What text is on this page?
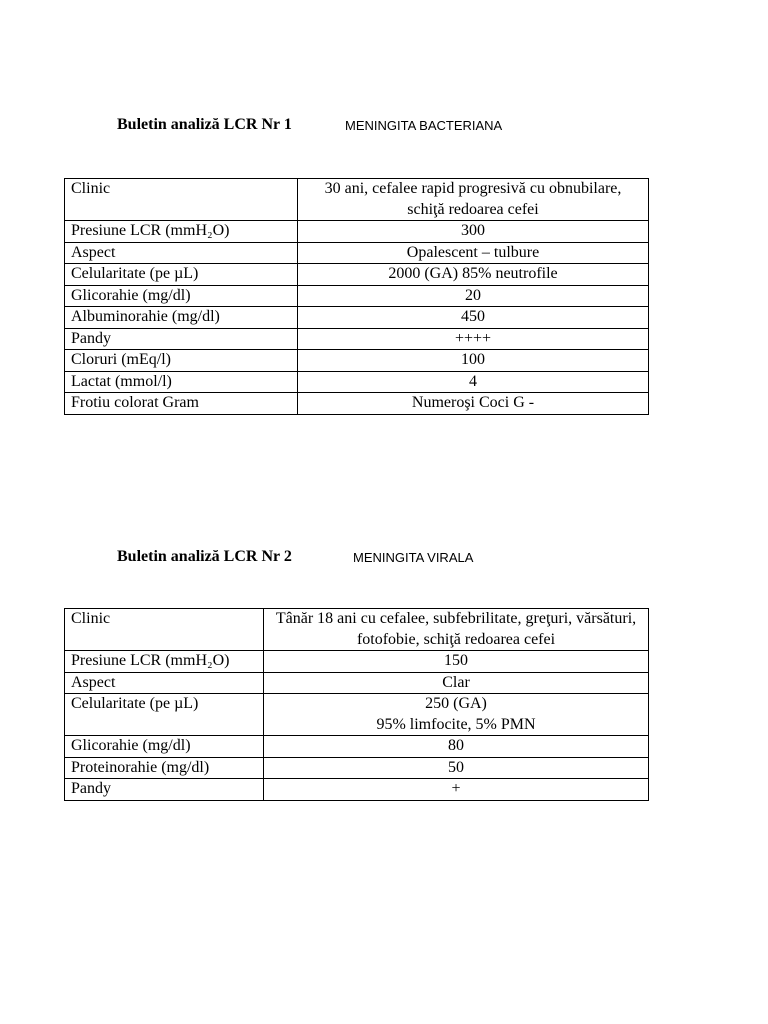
Buletin analiză LCR Nr 1	MENINGITA BACTERIANA
Clinic	30 ani, cefalee rapid progresivă cu obnubilare, schiţă redoarea cefei
Presiune LCR (mmH₂O)	300
Aspect	Opalescent – tulbure
Celularitate (pe µL)	2000 (GA) 85% neutrofile
Glicorahie (mg/dl)	20
Albuminorahie (mg/dl)	450
Pandy	++++
Cloruri (mEq/l)	100
Lactat (mmol/l)	4
Frotiu colorat Gram	Numeroşi Coci G -
Buletin analiză LCR Nr 2	MENINGITA VIRALA
Clinic	Tânăr 18 ani cu cefalee, subfebrilitate, greţuri, vărsături, fotofobie, schiţă redoarea cefei
Presiune LCR (mmH₂O)	150
Aspect	Clar
Celularitate (pe µL)	250 (GA)
95% limfocite, 5% PMN

Glicorahie (mg/dl)	80
Proteinorahie (mg/dl)	50
Pandy	+
